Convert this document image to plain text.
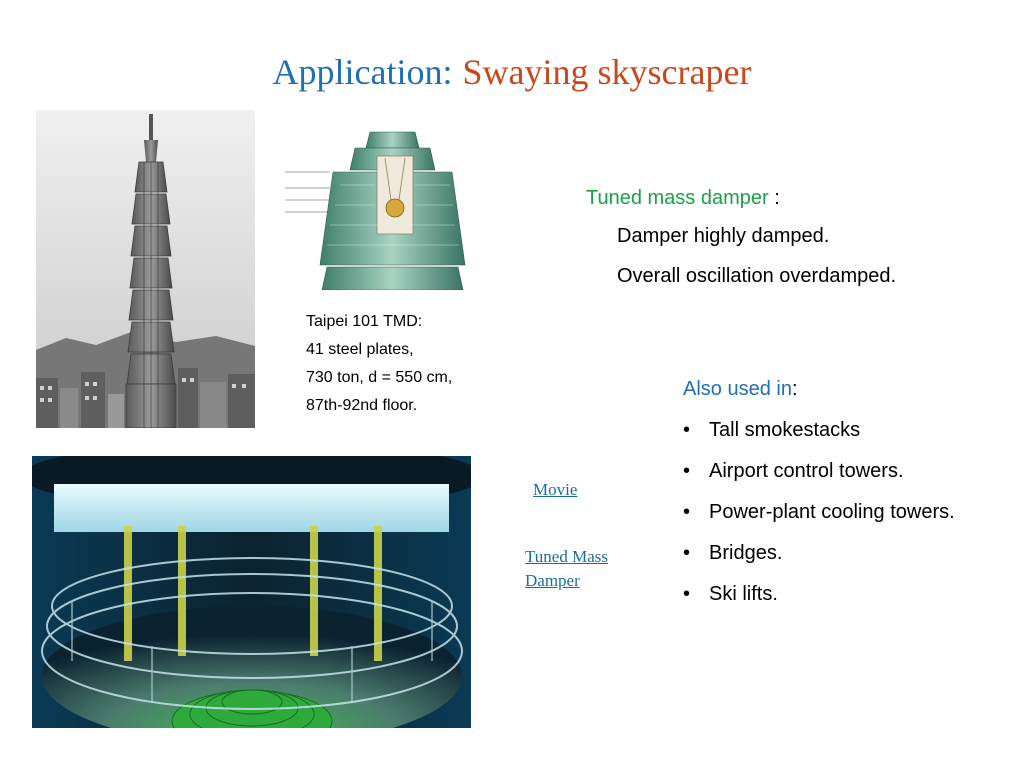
Application: Swaying skyscraper
Taipei 101 TMD:
41 steel plates,
730 ton, d = 550 cm,
87th-92nd floor.
Tuned mass damper :
Damper highly damped.
Overall oscillation overdamped.
Also used in:
• Tall smokestacks
• Airport control towers.
• Power-plant cooling towers.
• Bridges.
• Ski lifts.
Movie
Tuned Mass
Damper
